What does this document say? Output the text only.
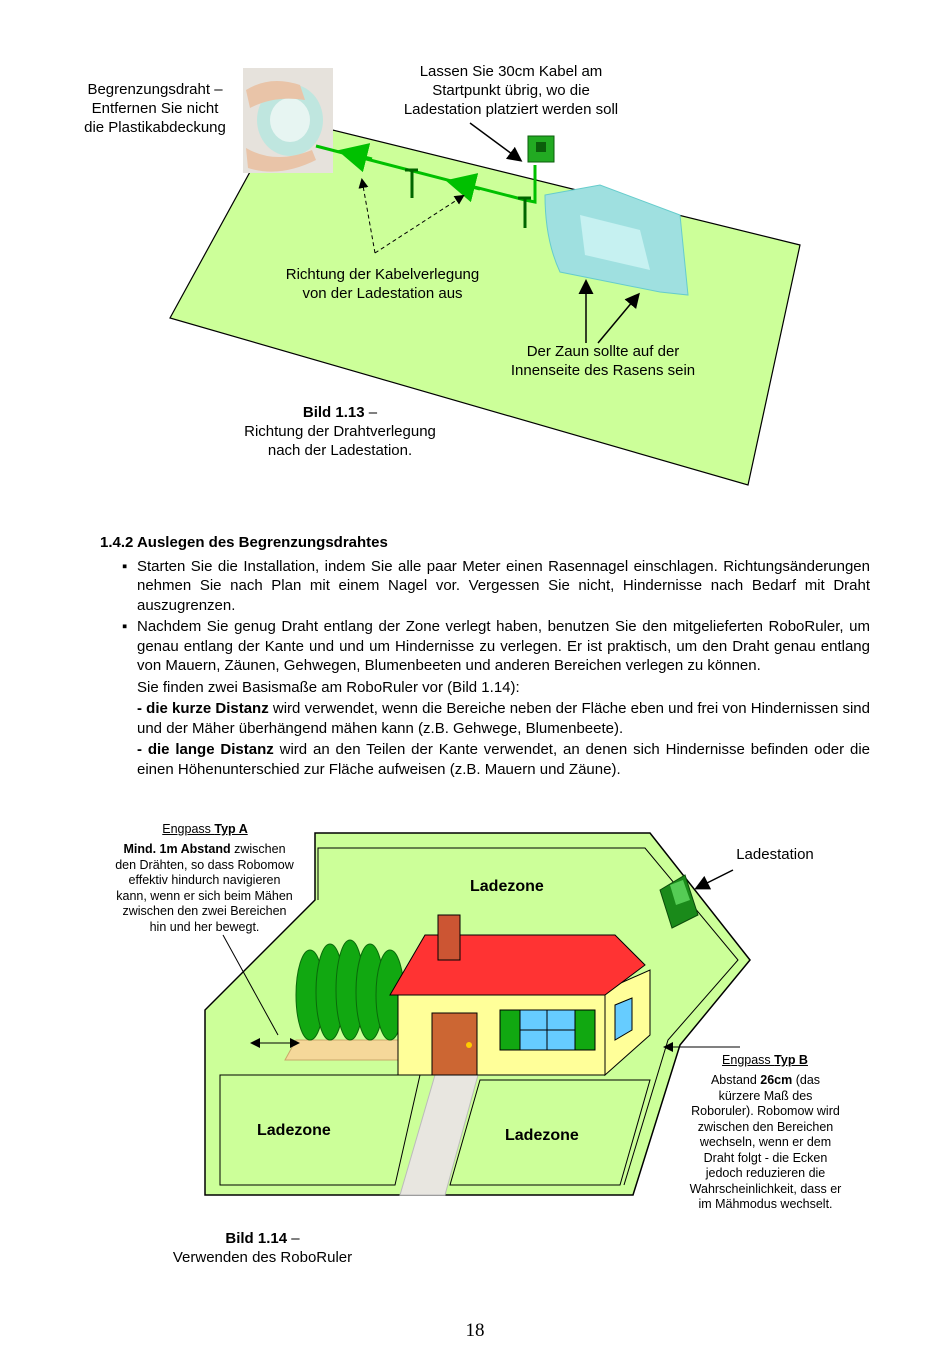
Begrenzungsdraht –
Entfernen Sie nicht
die Plastikabdeckung
Lassen Sie 30cm Kabel am
Startpunkt übrig, wo die
Ladestation platziert werden soll
Richtung der Kabelverlegung
von der Ladestation aus
Der Zaun sollte auf der
Innenseite des Rasens sein
Bild 1.13 –
Richtung der Drahtverlegung
nach der Ladestation.
1.4.2 Auslegen des Begrenzungsdrahtes
▪ Starten Sie die Installation, indem Sie alle paar Meter einen Rasennagel einschlagen. Richtungsänderungen nehmen Sie nach Plan mit einem Nagel vor. Vergessen Sie nicht, Hindernisse nach Bedarf mit Draht auszugrenzen.
▪ Nachdem Sie genug Draht entlang der Zone verlegt haben, benutzen Sie den mitgelieferten RoboRuler, um genau entlang der Kante und und um Hindernisse zu verlegen. Er ist praktisch, um den Draht genau entlang von Mauern, Zäunen, Gehwegen, Blumenbeeten und anderen Bereichen verlegen zu können.

Sie finden zwei Basismaße am RoboRuler vor (Bild 1.14):

- die kurze Distanz wird verwendet, wenn die Bereiche neben der Fläche eben und frei von Hindernissen sind und der Mäher überhängend mähen kann (z.B. Gehwege, Blumenbeete).

- die lange Distanz wird an den Teilen der Kante verwendet, an denen sich Hindernisse befinden oder die einen Höhenunterschied zur Fläche aufweisen (z.B. Mauern und Zäune).

Engpass Typ A
Mind. 1m Abstand zwischen
den Drähten, so dass Robomow
effektiv hindurch navigieren
kann, wenn er sich beim Mähen
zwischen den zwei Bereichen
hin und her bewegt.
Ladestation
Ladezone
Ladezone	Ladezone
Engpass Typ B
Abstand 26cm (das
kürzere Maß des
Roboruler). Robomow wird
zwischen den Bereichen
wechseln, wenn er dem
Draht folgt - die Ecken
jedoch reduzieren die
Wahrscheinlichkeit, dass er
im Mähmodus wechselt.
Bild 1.14 –
Verwenden des RoboRuler
18
